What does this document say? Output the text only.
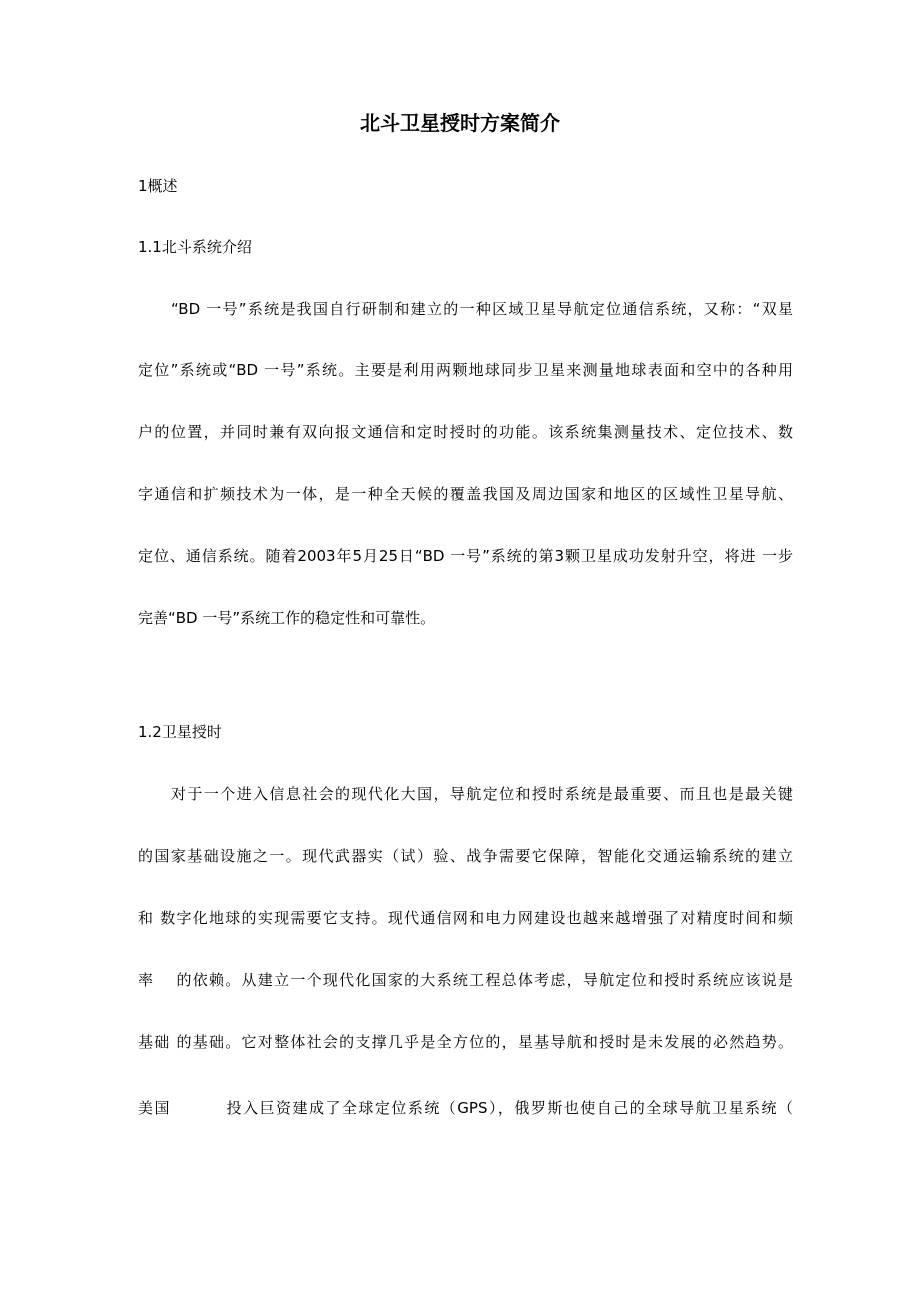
北斗卫星授时方案简介
1概述
1.1北斗系统介绍
“BD 一号”系统是我国自行研制和建立的一种区域卫星导航定位通信系统，又称：“双星
定位”系统或“BD 一号”系统。主要是利用两颗地球同步卫星来测量地球表面和空中的各种用
户的位置，并同时兼有双向报文通信和定时授时的功能。该系统集测量技术、定位技术、数
字通信和扩频技术为一体，是一种全天候的覆盖我国及周边国家和地区的区域性卫星导航、
定位、通信系统。随着2003年5月25日“BD 一号”系统的第3颗卫星成功发射升空，将进 一步
完善“BD 一号”系统工作的稳定性和可靠性。
1.2卫星授时
对于一个进入信息社会的现代化大国，导航定位和授时系统是最重要、而且也是最关键
的国家基础设施之一。现代武器实（试）验、战争需要它保障，智能化交通运输系统的建立
和 数字化地球的实现需要它支持。现代通信网和电力网建设也越来越增强了对精度时间和频
率　 的依赖。从建立一个现代化国家的大系统工程总体考虑，导航定位和授时系统应该说是
基础 的基础。它对整体社会的支撑几乎是全方位的，星基导航和授时是未发展的必然趋势。
美国　　　 投入巨资建成了全球定位系统（GPS），俄罗斯也使自己的全球导航卫星系统（
